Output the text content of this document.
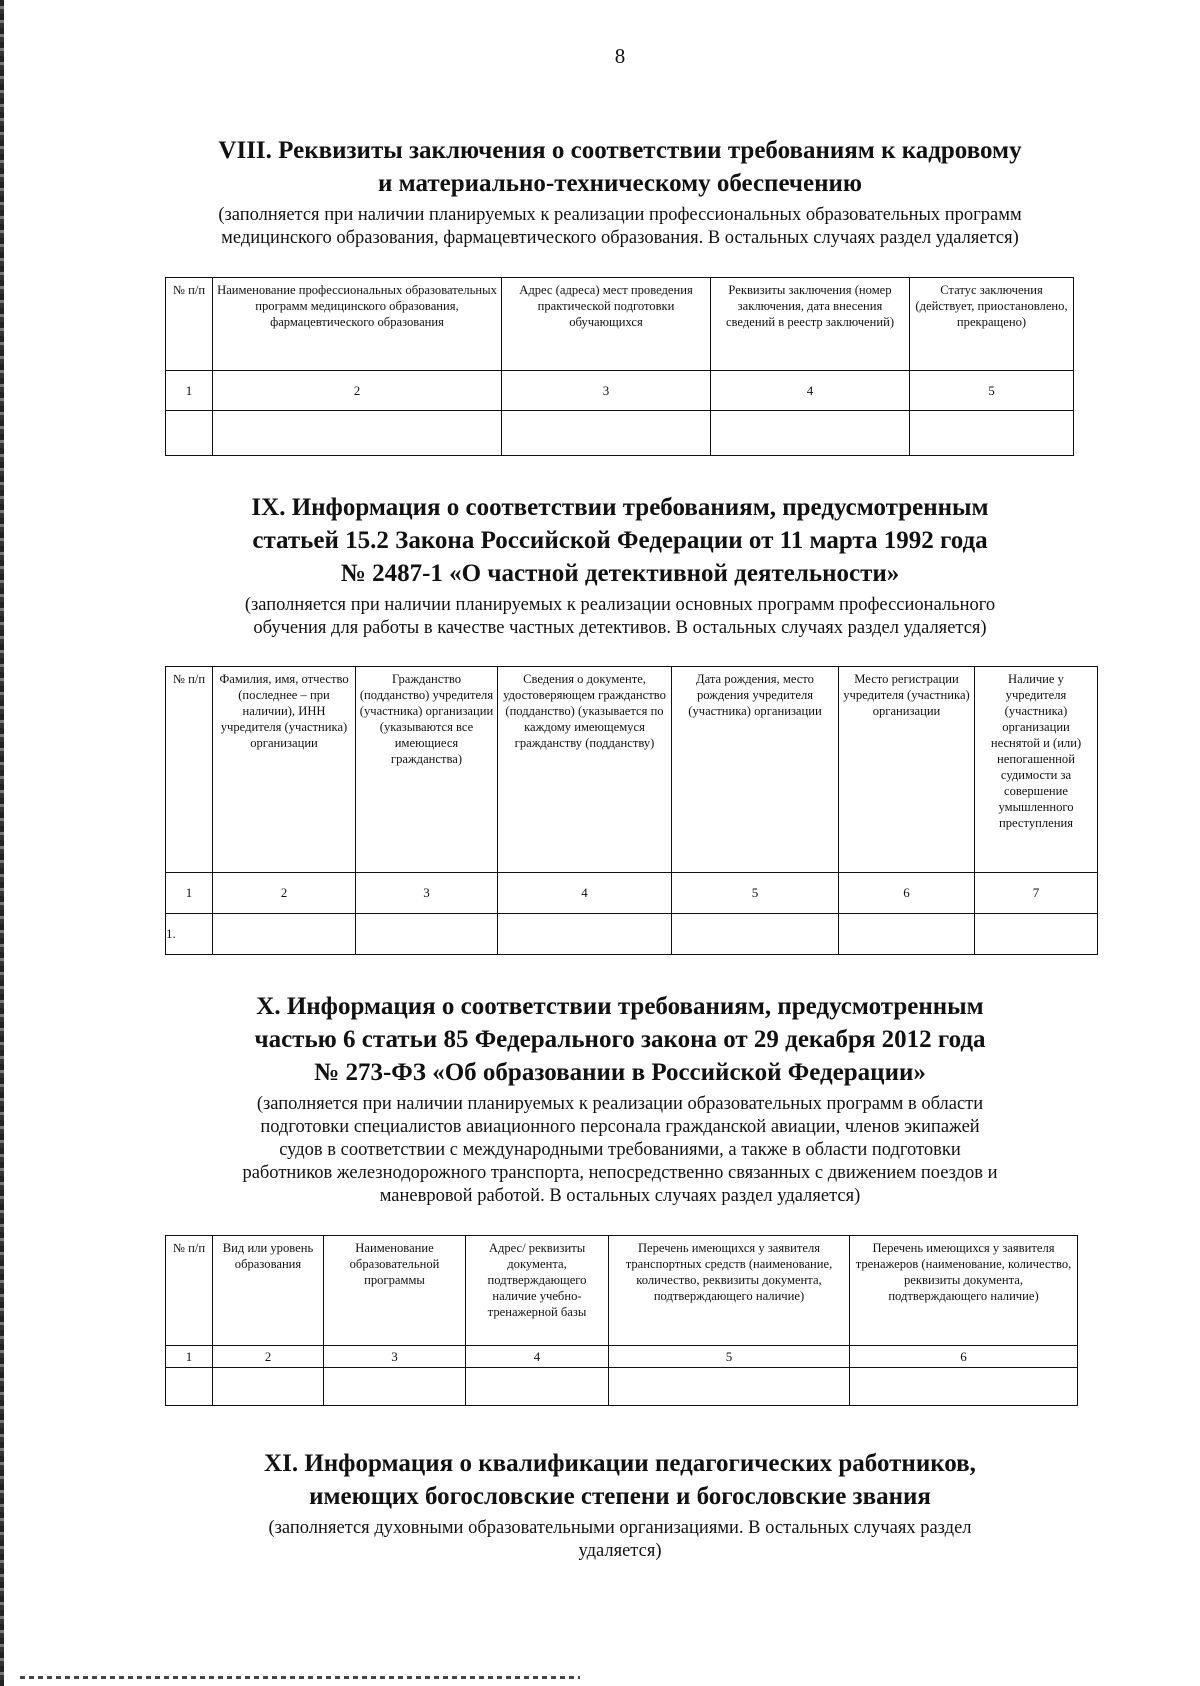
8
VIII. Реквизиты заключения о соответствии требованиям к кадровому
и материально-техническому обеспечению

(заполняется при наличии планируемых к реализации профессиональных образовательных программ
медицинского образования, фармацевтического образования. В остальных случаях раздел удаляется)

№ п/п	Наименование профессиональных образовательных программ медицинского образования, фармацевтического образования	Адрес (адреса) мест проведения практической подготовки обучающихся	Реквизиты заключения (номер заключения, дата внесения сведений в реестр заключений)	Статус заключения (действует, приостановлено, прекращено)
1	2	3	4	5

IX. Информация о соответствии требованиям, предусмотренным
статьей 15.2 Закона Российской Федерации от 11 марта 1992 года
№ 2487-1 «О частной детективной деятельности»

(заполняется при наличии планируемых к реализации основных программ профессионального
обучения для работы в качестве частных детективов. В остальных случаях раздел удаляется)

№ п/п	Фамилия, имя, отчество (последнее – при наличии), ИНН учредителя (участника) организации	Гражданство (подданство) учредителя (участника) организации (указываются все имеющиеся гражданства)	Сведения о документе, удостоверяющем гражданство (подданство) (указывается по каждому имеющемуся гражданству (подданству)	Дата рождения, место рождения учредителя (участника) организации	Место регистрации учредителя (участника) организации	Наличие у учредителя (участника) организации неснятой и (или) непогашенной судимости за совершение умышленного преступления
1	2	3	4	5	6	7
1.						
X. Информация о соответствии требованиям, предусмотренным
частью 6 статьи 85 Федерального закона от 29 декабря 2012 года
№ 273-ФЗ «Об образовании в Российской Федерации»

(заполняется при наличии планируемых к реализации образовательных программ в области
подготовки специалистов авиационного персонала гражданской авиации, членов экипажей
судов в соответствии с международными требованиями, а также в области подготовки
работников железнодорожного транспорта, непосредственно связанных с движением поездов и
маневровой работой. В остальных случаях раздел удаляется)

№ п/п	Вид или уровень образования	Наименование образовательной программы	Адрес/ реквизиты документа, подтверждающего наличие учебно-тренажерной базы	Перечень имеющихся у заявителя транспортных средств (наименование, количество, реквизиты документа, подтверждающего наличие)	Перечень имеющихся у заявителя тренажеров (наименование, количество, реквизиты документа, подтверждающего наличие)
1	2	3	4	5	6

XI. Информация о квалификации педагогических работников,
имеющих богословские степени и богословские звания

(заполняется духовными образовательными организациями. В остальных случаях раздел
удаляется)
